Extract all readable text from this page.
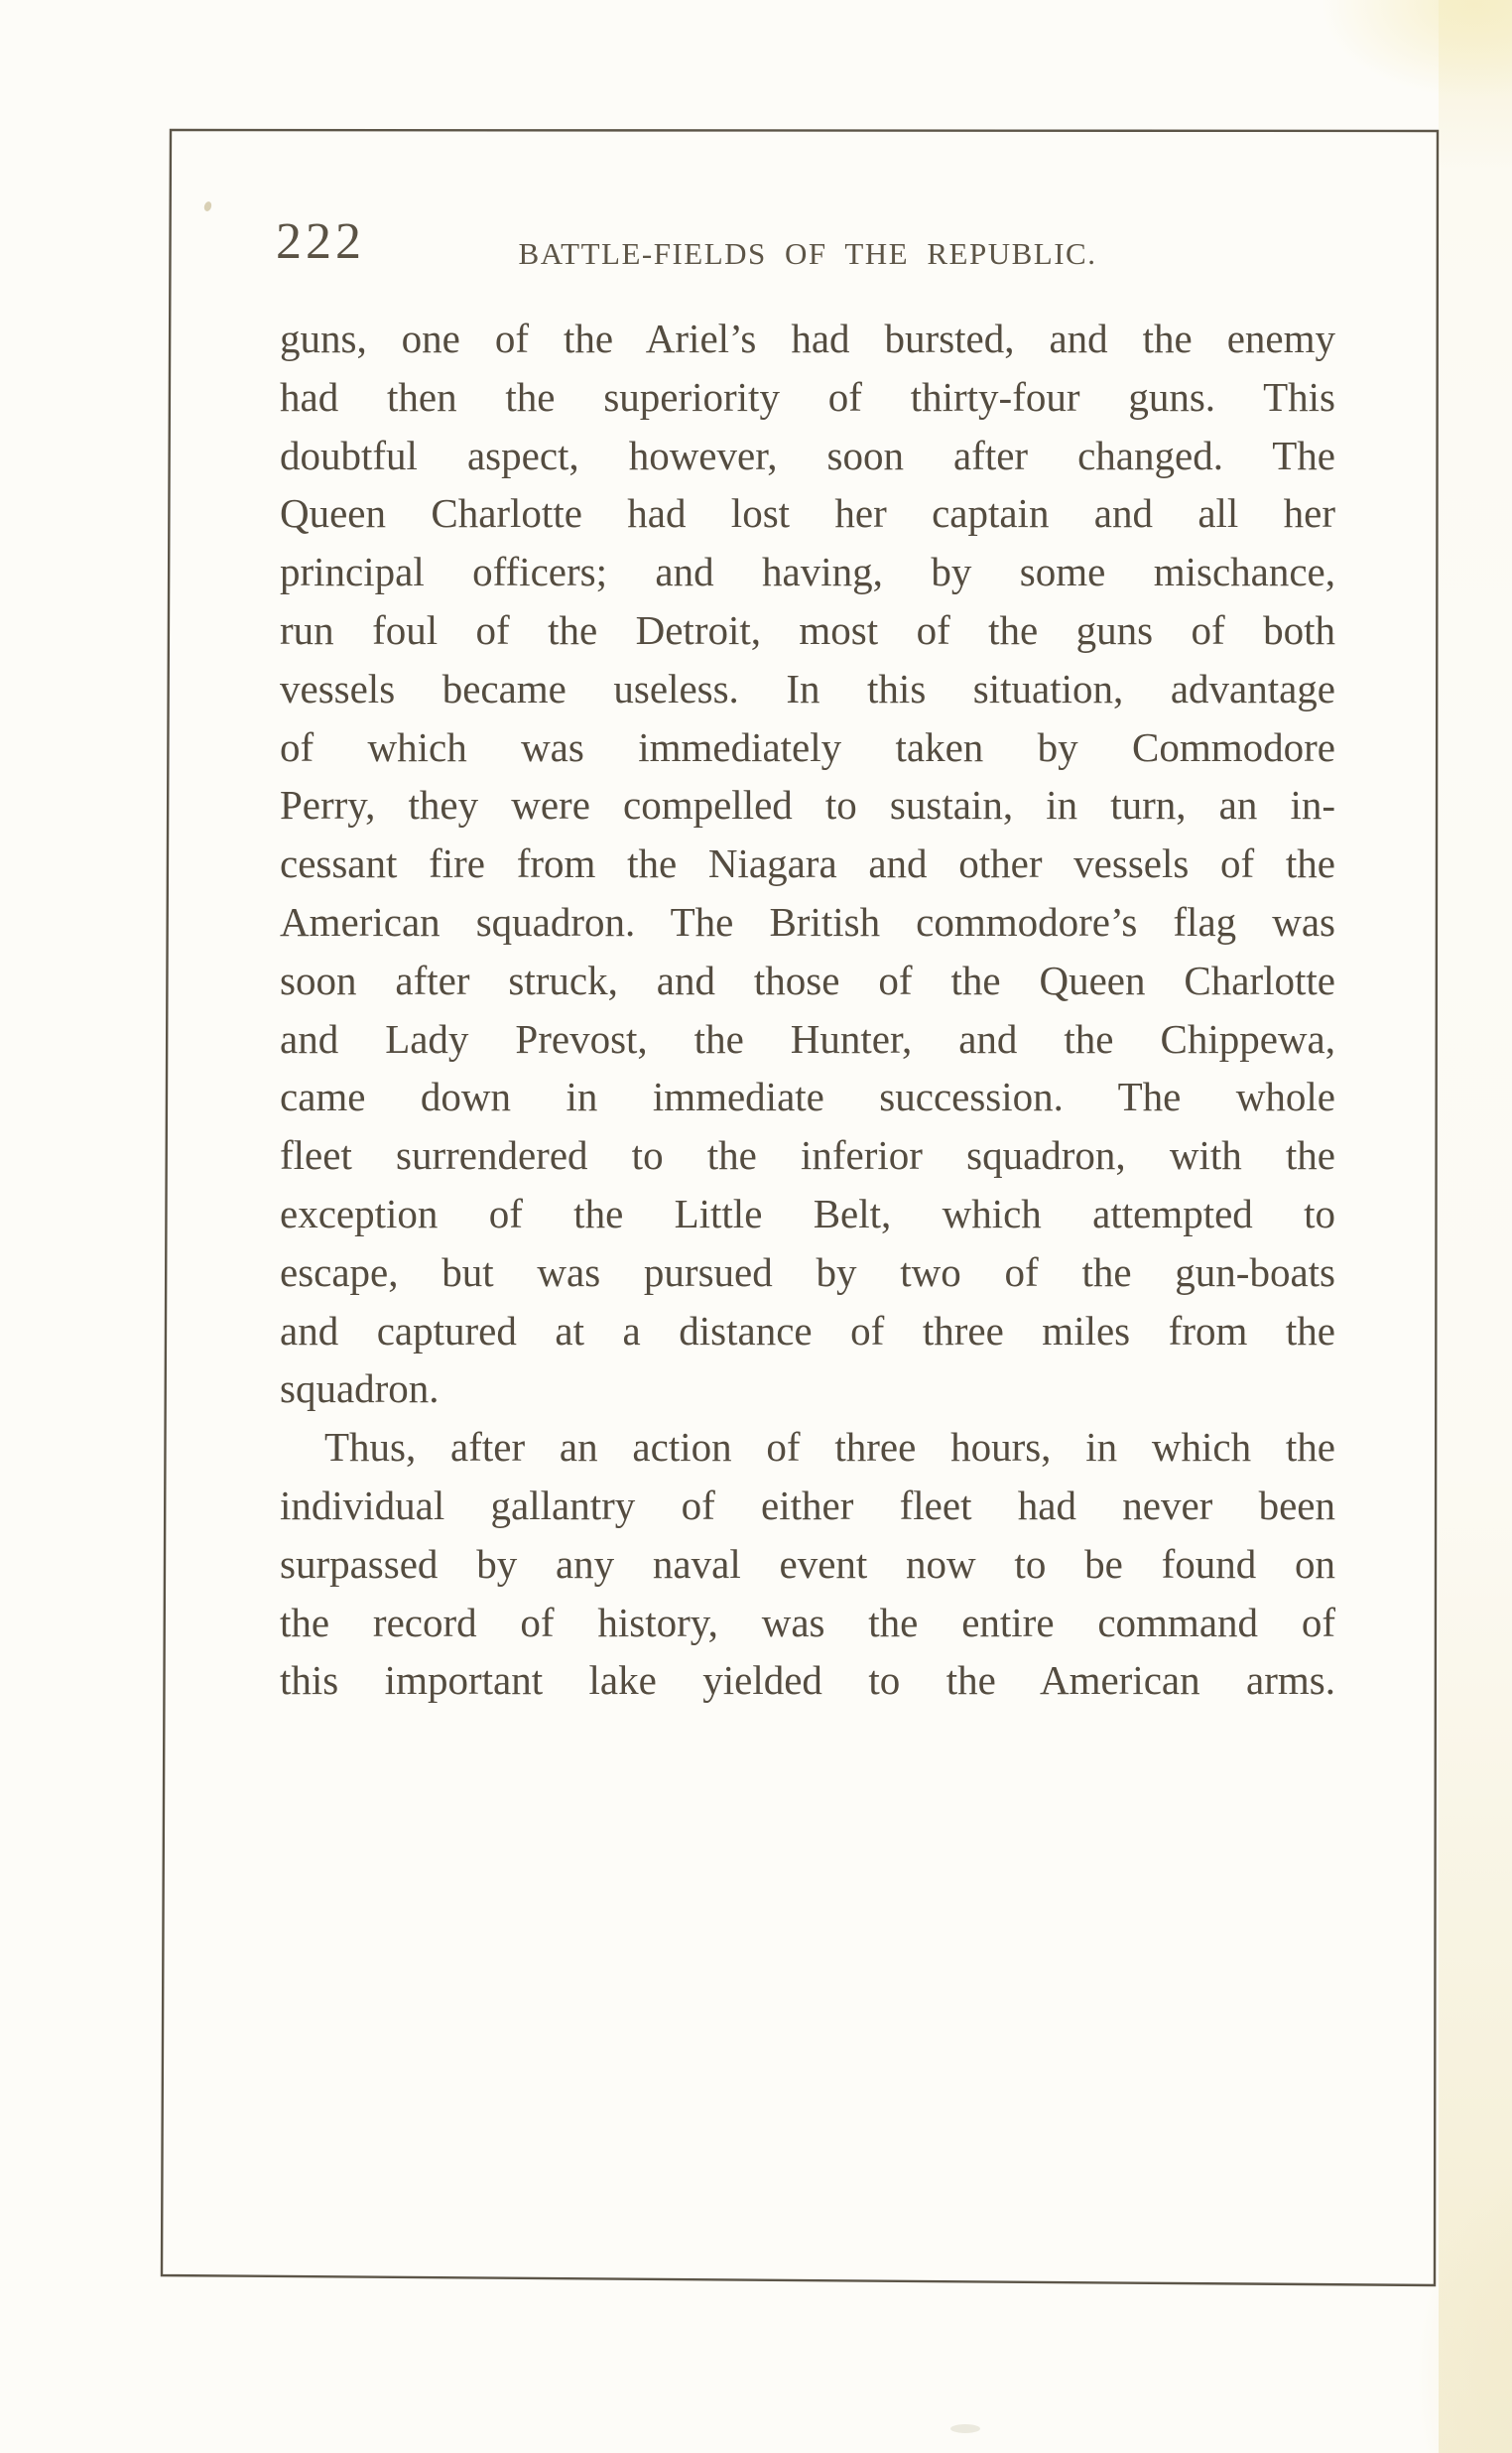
222	BATTLE-FIELDS OF THE REPUBLIC.
guns, one of the Ariel’s had bursted, and the enemy
had then the superiority of thirty-four guns. This
doubtful aspect, however, soon after changed. The
Queen Charlotte had lost her captain and all her
principal officers; and having, by some mischance,
run foul of the Detroit, most of the guns of both
vessels became useless. In this situation, advantage
of which was immediately taken by Commodore
Perry, they were compelled to sustain, in turn, an in-
cessant fire from the Niagara and other vessels of the
American squadron. The British commodore’s flag was
soon after struck, and those of the Queen Charlotte
and Lady Prevost, the Hunter, and the Chippewa,
came down in immediate succession. The whole
fleet surrendered to the inferior squadron, with the
exception of the Little Belt, which attempted to
escape, but was pursued by two of the gun-boats
and captured at a distance of three miles from the
squadron.
Thus, after an action of three hours, in which the
individual gallantry of either fleet had never been
surpassed by any naval event now to be found on
the record of history, was the entire command of
this important lake yielded to the American arms.
